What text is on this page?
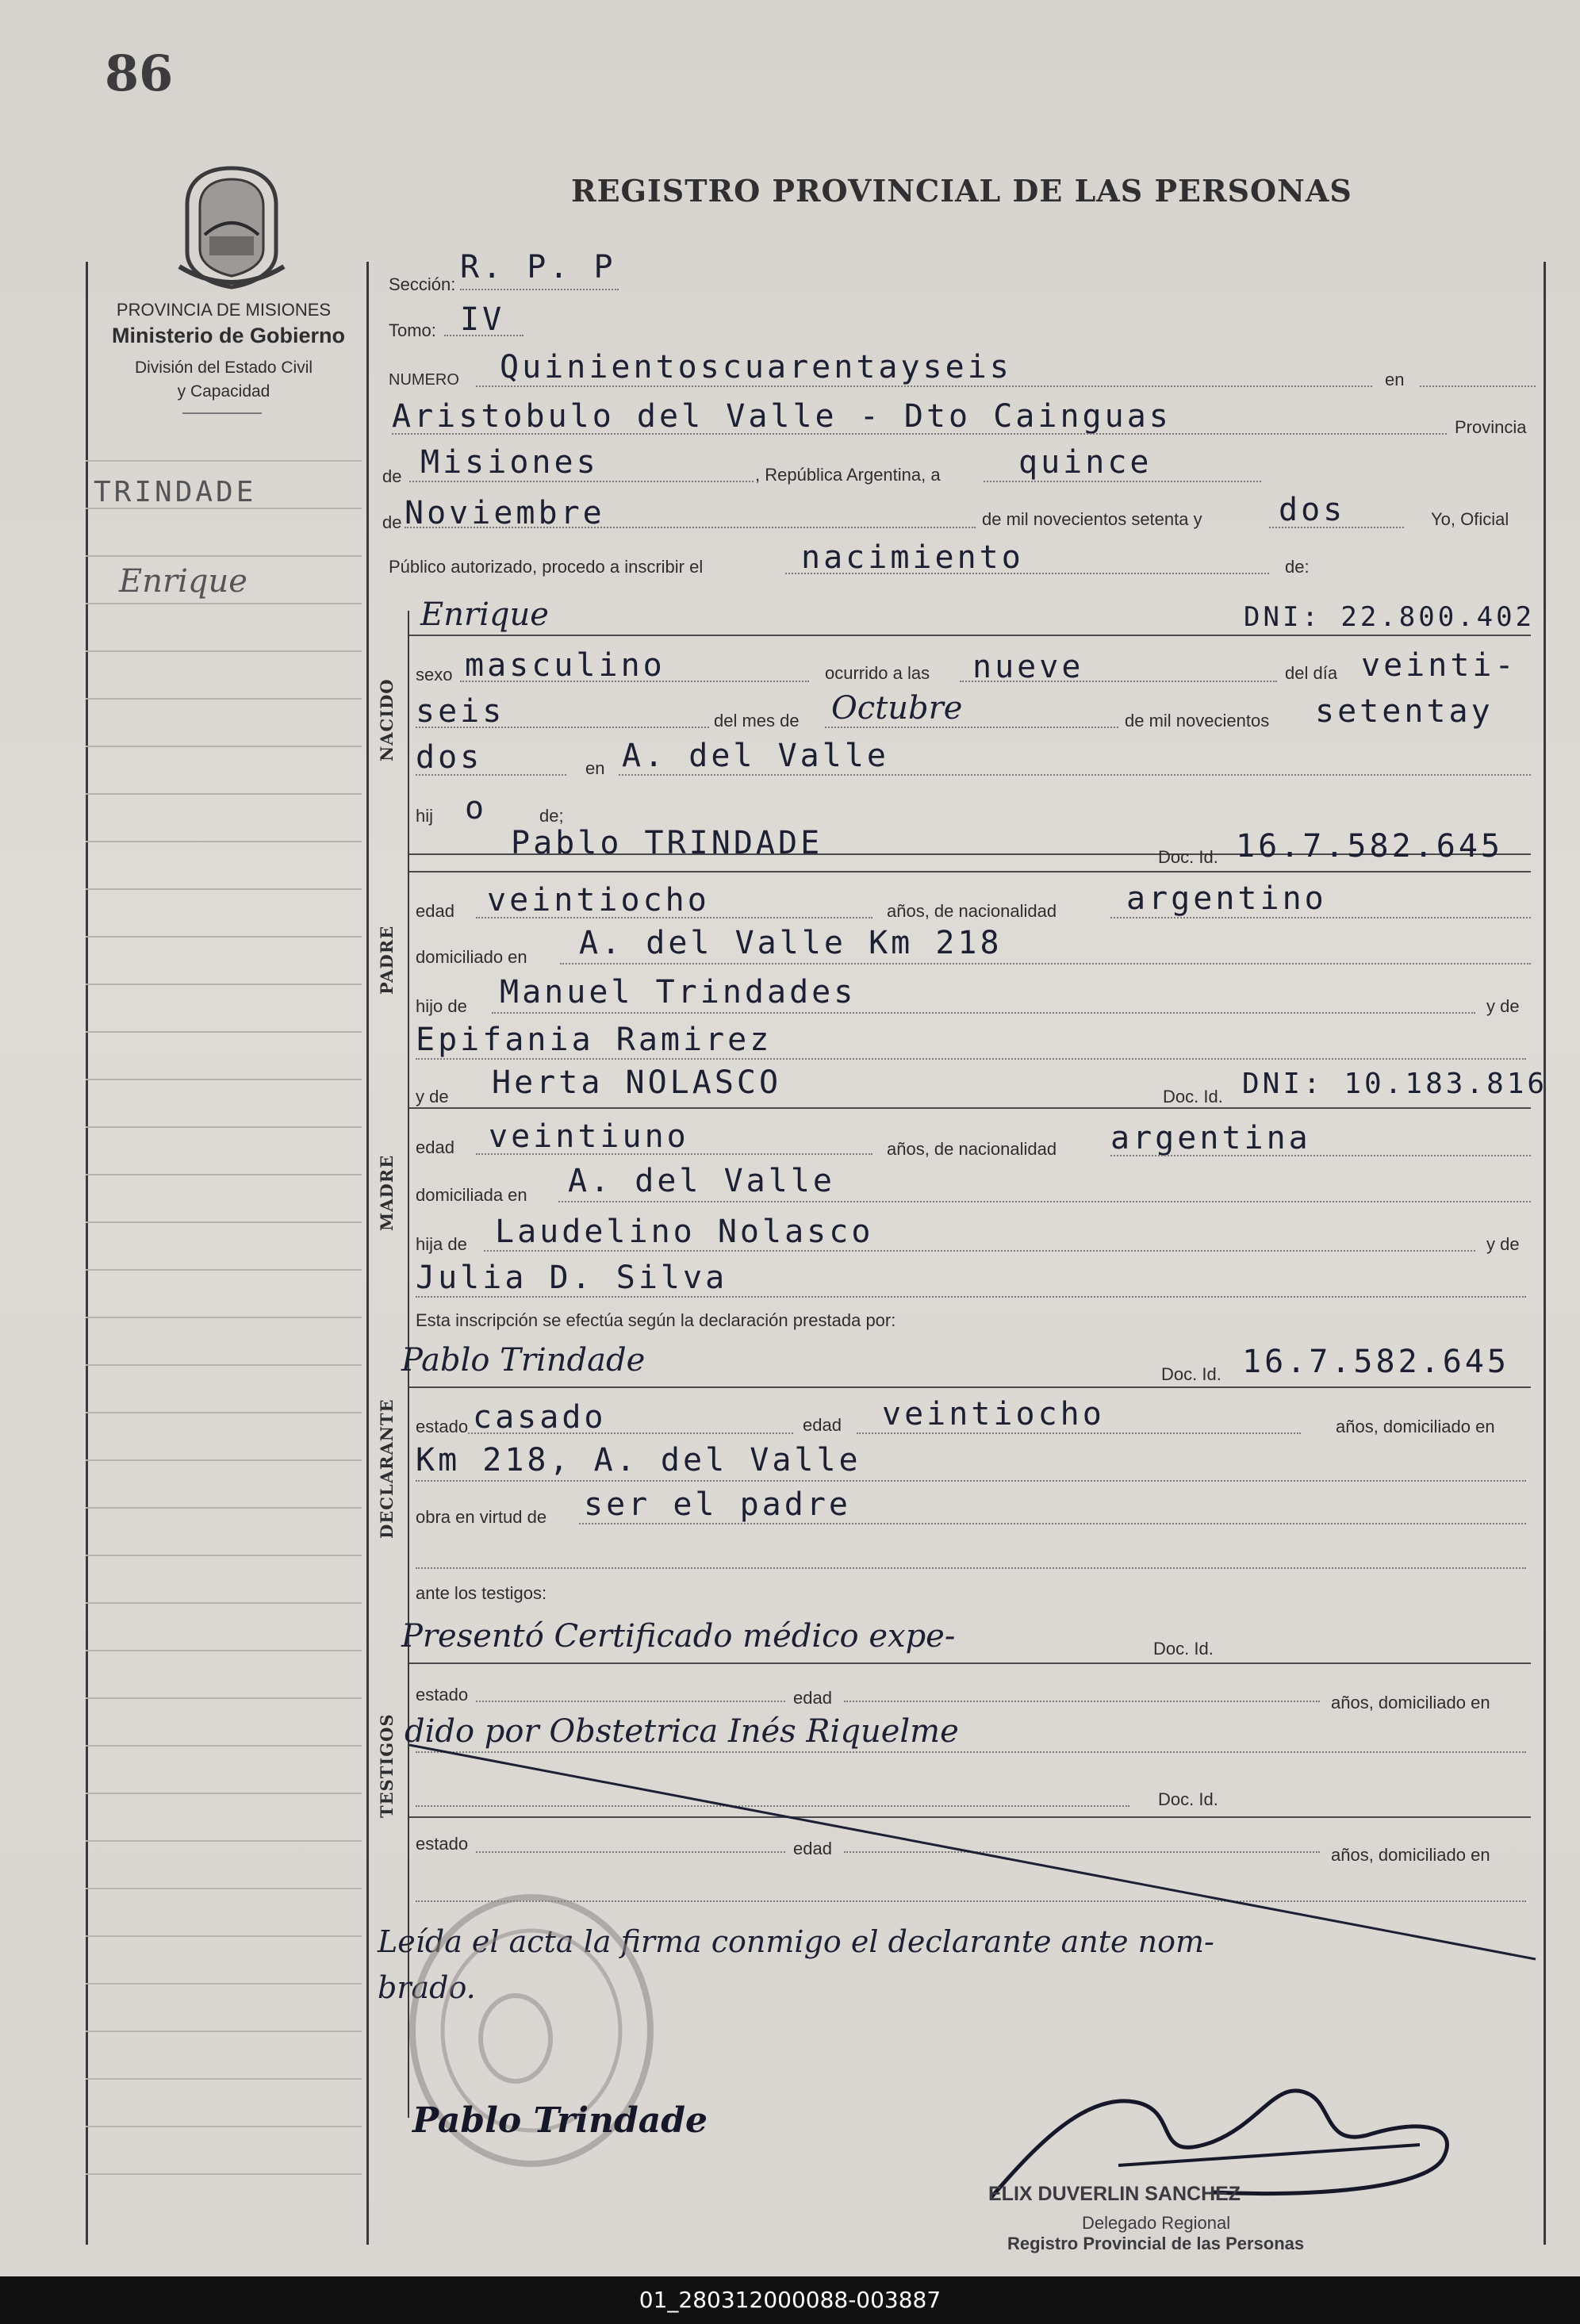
86
REGISTRO PROVINCIAL DE LAS PERSONAS
PROVINCIA DE MISIONES
Ministerio de Gobierno
División del Estado Civil
y Capacidad
TRINDADE
Enrique
Sección: R. P. P
Tomo: IV
NUMERO Quinientoscuarentayseis	en
Aristobulo del Valle - Dto Cainguas	Provincia
de Misiones	, República Argentina, a quince
de Noviembre	de mil novecientos setenta y dos	Yo, Oficial
Público autorizado, procedo a inscribir el	nacimiento	de:
NACIDO
Enrique	DNI: 22.800.402
sexo masculino	ocurrido a las nueve	del día veinti-
seis	del mes de Octubre	de mil novecientos setentay
dos	en A. del Valle
hij o	de;
PADRE
Pablo TRINDADE	Doc. Id. 16.7.582.645
edad veintiocho	años, de nacionalidad argentino
domiciliado en A. del Valle Km 218
hijo de Manuel Trindades	y de
Epifania Ramirez
y de Herta NOLASCO	Doc. Id. DNI: 10.183.816
MADRE
edad veintiuno	años, de nacionalidad argentina
domiciliada en A. del Valle
hija de Laudelino Nolasco	y de
Julia D. Silva
Esta inscripción se efectúa según la declaración prestada por:
DECLARANTE
Pablo Trindade	Doc. Id. 16.7.582.645
estado casado	edad veintiocho	años, domiciliado en
Km 218, A. del Valle
obra en virtud de ser el padre
TESTIGOS
ante los testigos:
Presentó Certificado médico expe-	Doc. Id.
estado	edad	años, domiciliado en
dido por Obstetrica Inés Riquelme
Doc. Id.
estado	edad	años, domiciliado en
Leída el acta la firma conmigo el declarante ante nom-
brado.
Pablo Trindade
ELIX DUVERLIN SANCHEZ
Delegado Regional
Registro Provincial de las Personas
01_280312000088-003887
